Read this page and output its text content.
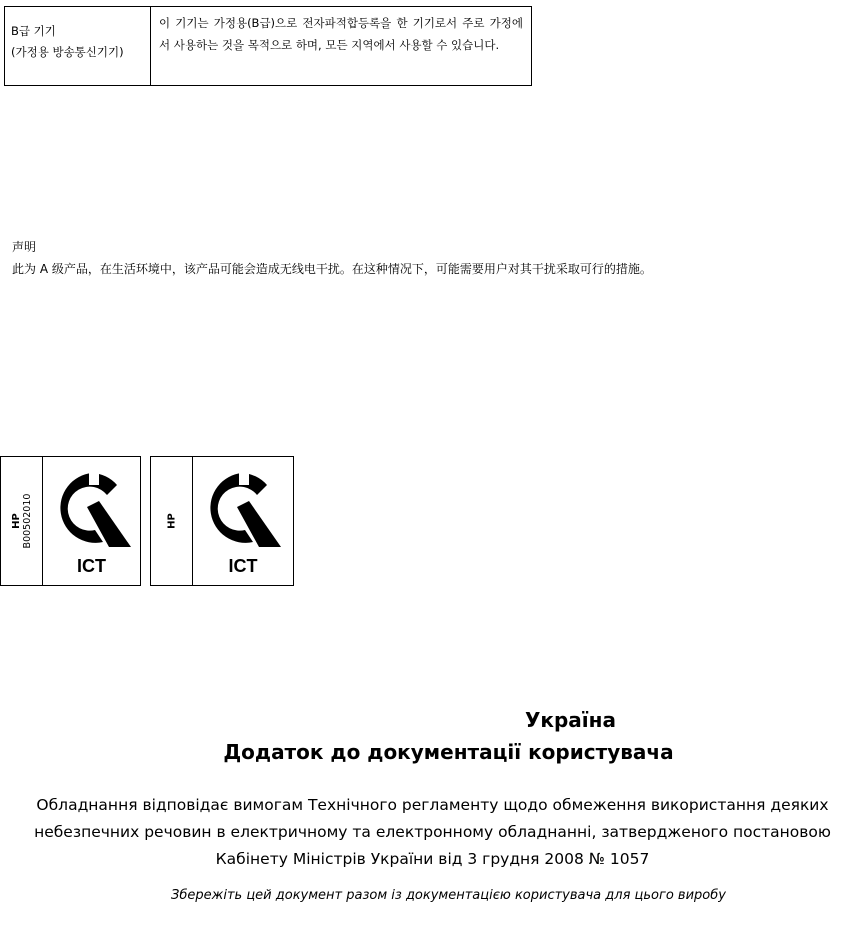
B급 기기
(가정용 방송통신기기)
이 기기는 가정용(B급)으로 전자파적합등록을 한 기기로서 주로 가정에서 사용하는 것을 목적으로 하며, 모든 지역에서 사용할 수 있습니다.
声明

此为 A 级产品，在生活环境中，该产品可能会造成无线电干扰。在这种情况下，可能需要用户对其干扰采取可行的措施。

HP B00502010
ICT
HP
ICT
Україна
Додаток до документації користувача
Обладнання відповідає вимогам Технічного регламенту щодо обмеження використання деяких небезпечних речовин в електричному та електронному обладнанні, затвердженого постановою Кабінету Міністрів України від 3 грудня 2008 № 1057
Збережіть цей документ разом із документацією користувача для цього виробу
